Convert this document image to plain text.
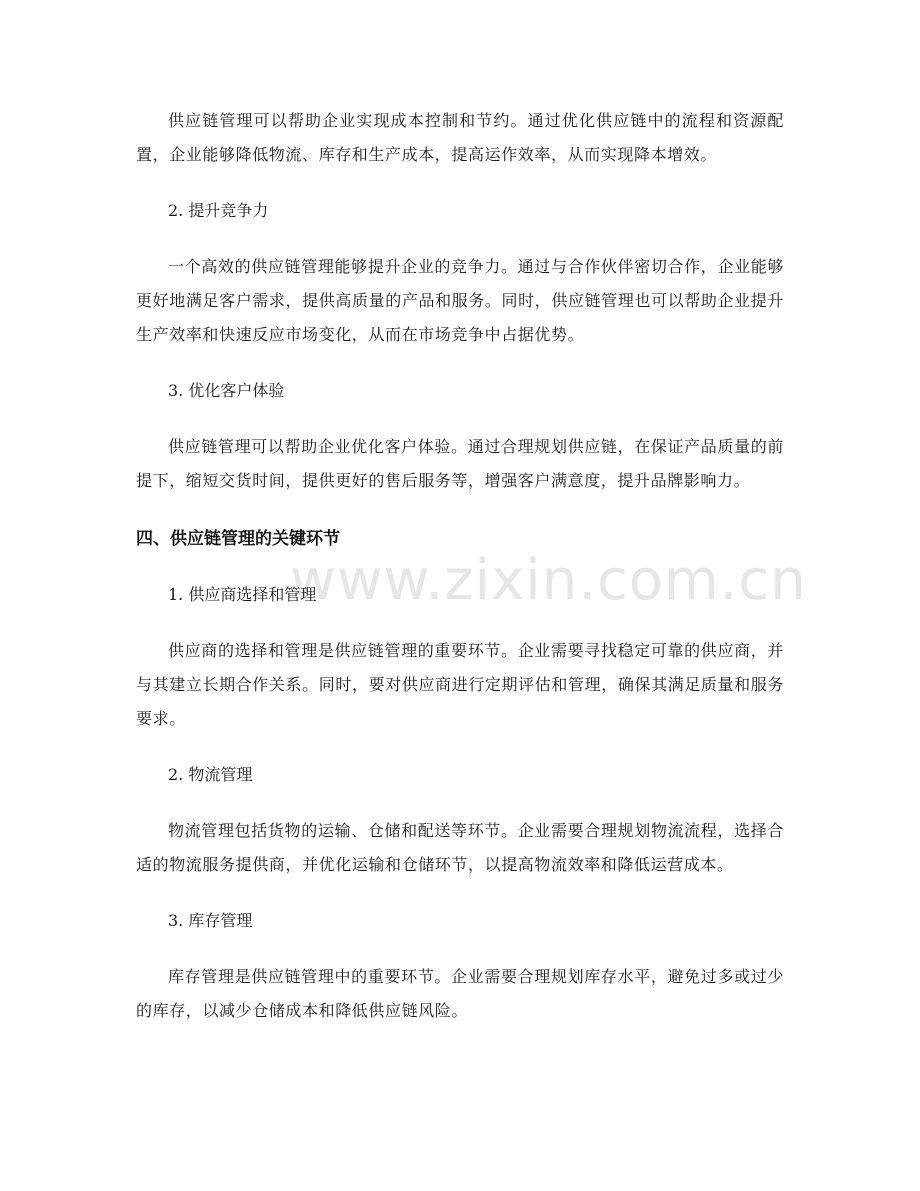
www.zixin.com.cn

供应链管理可以帮助企业实现成本控制和节约。通过优化供应链中的流程和资源配置，企业能够降低物流、库存和生产成本，提高运作效率，从而实现降本增效。

2. 提升竞争力

一个高效的供应链管理能够提升企业的竞争力。通过与合作伙伴密切合作，企业能够更好地满足客户需求，提供高质量的产品和服务。同时，供应链管理也可以帮助企业提升生产效率和快速反应市场变化，从而在市场竞争中占据优势。

3. 优化客户体验

供应链管理可以帮助企业优化客户体验。通过合理规划供应链，在保证产品质量的前提下，缩短交货时间，提供更好的售后服务等，增强客户满意度，提升品牌影响力。

四、供应链管理的关键环节

1. 供应商选择和管理

供应商的选择和管理是供应链管理的重要环节。企业需要寻找稳定可靠的供应商，并与其建立长期合作关系。同时，要对供应商进行定期评估和管理，确保其满足质量和服务要求。

2. 物流管理

物流管理包括货物的运输、仓储和配送等环节。企业需要合理规划物流流程，选择合适的物流服务提供商，并优化运输和仓储环节，以提高物流效率和降低运营成本。

3. 库存管理

库存管理是供应链管理中的重要环节。企业需要合理规划库存水平，避免过多或过少的库存，以减少仓储成本和降低供应链风险。
